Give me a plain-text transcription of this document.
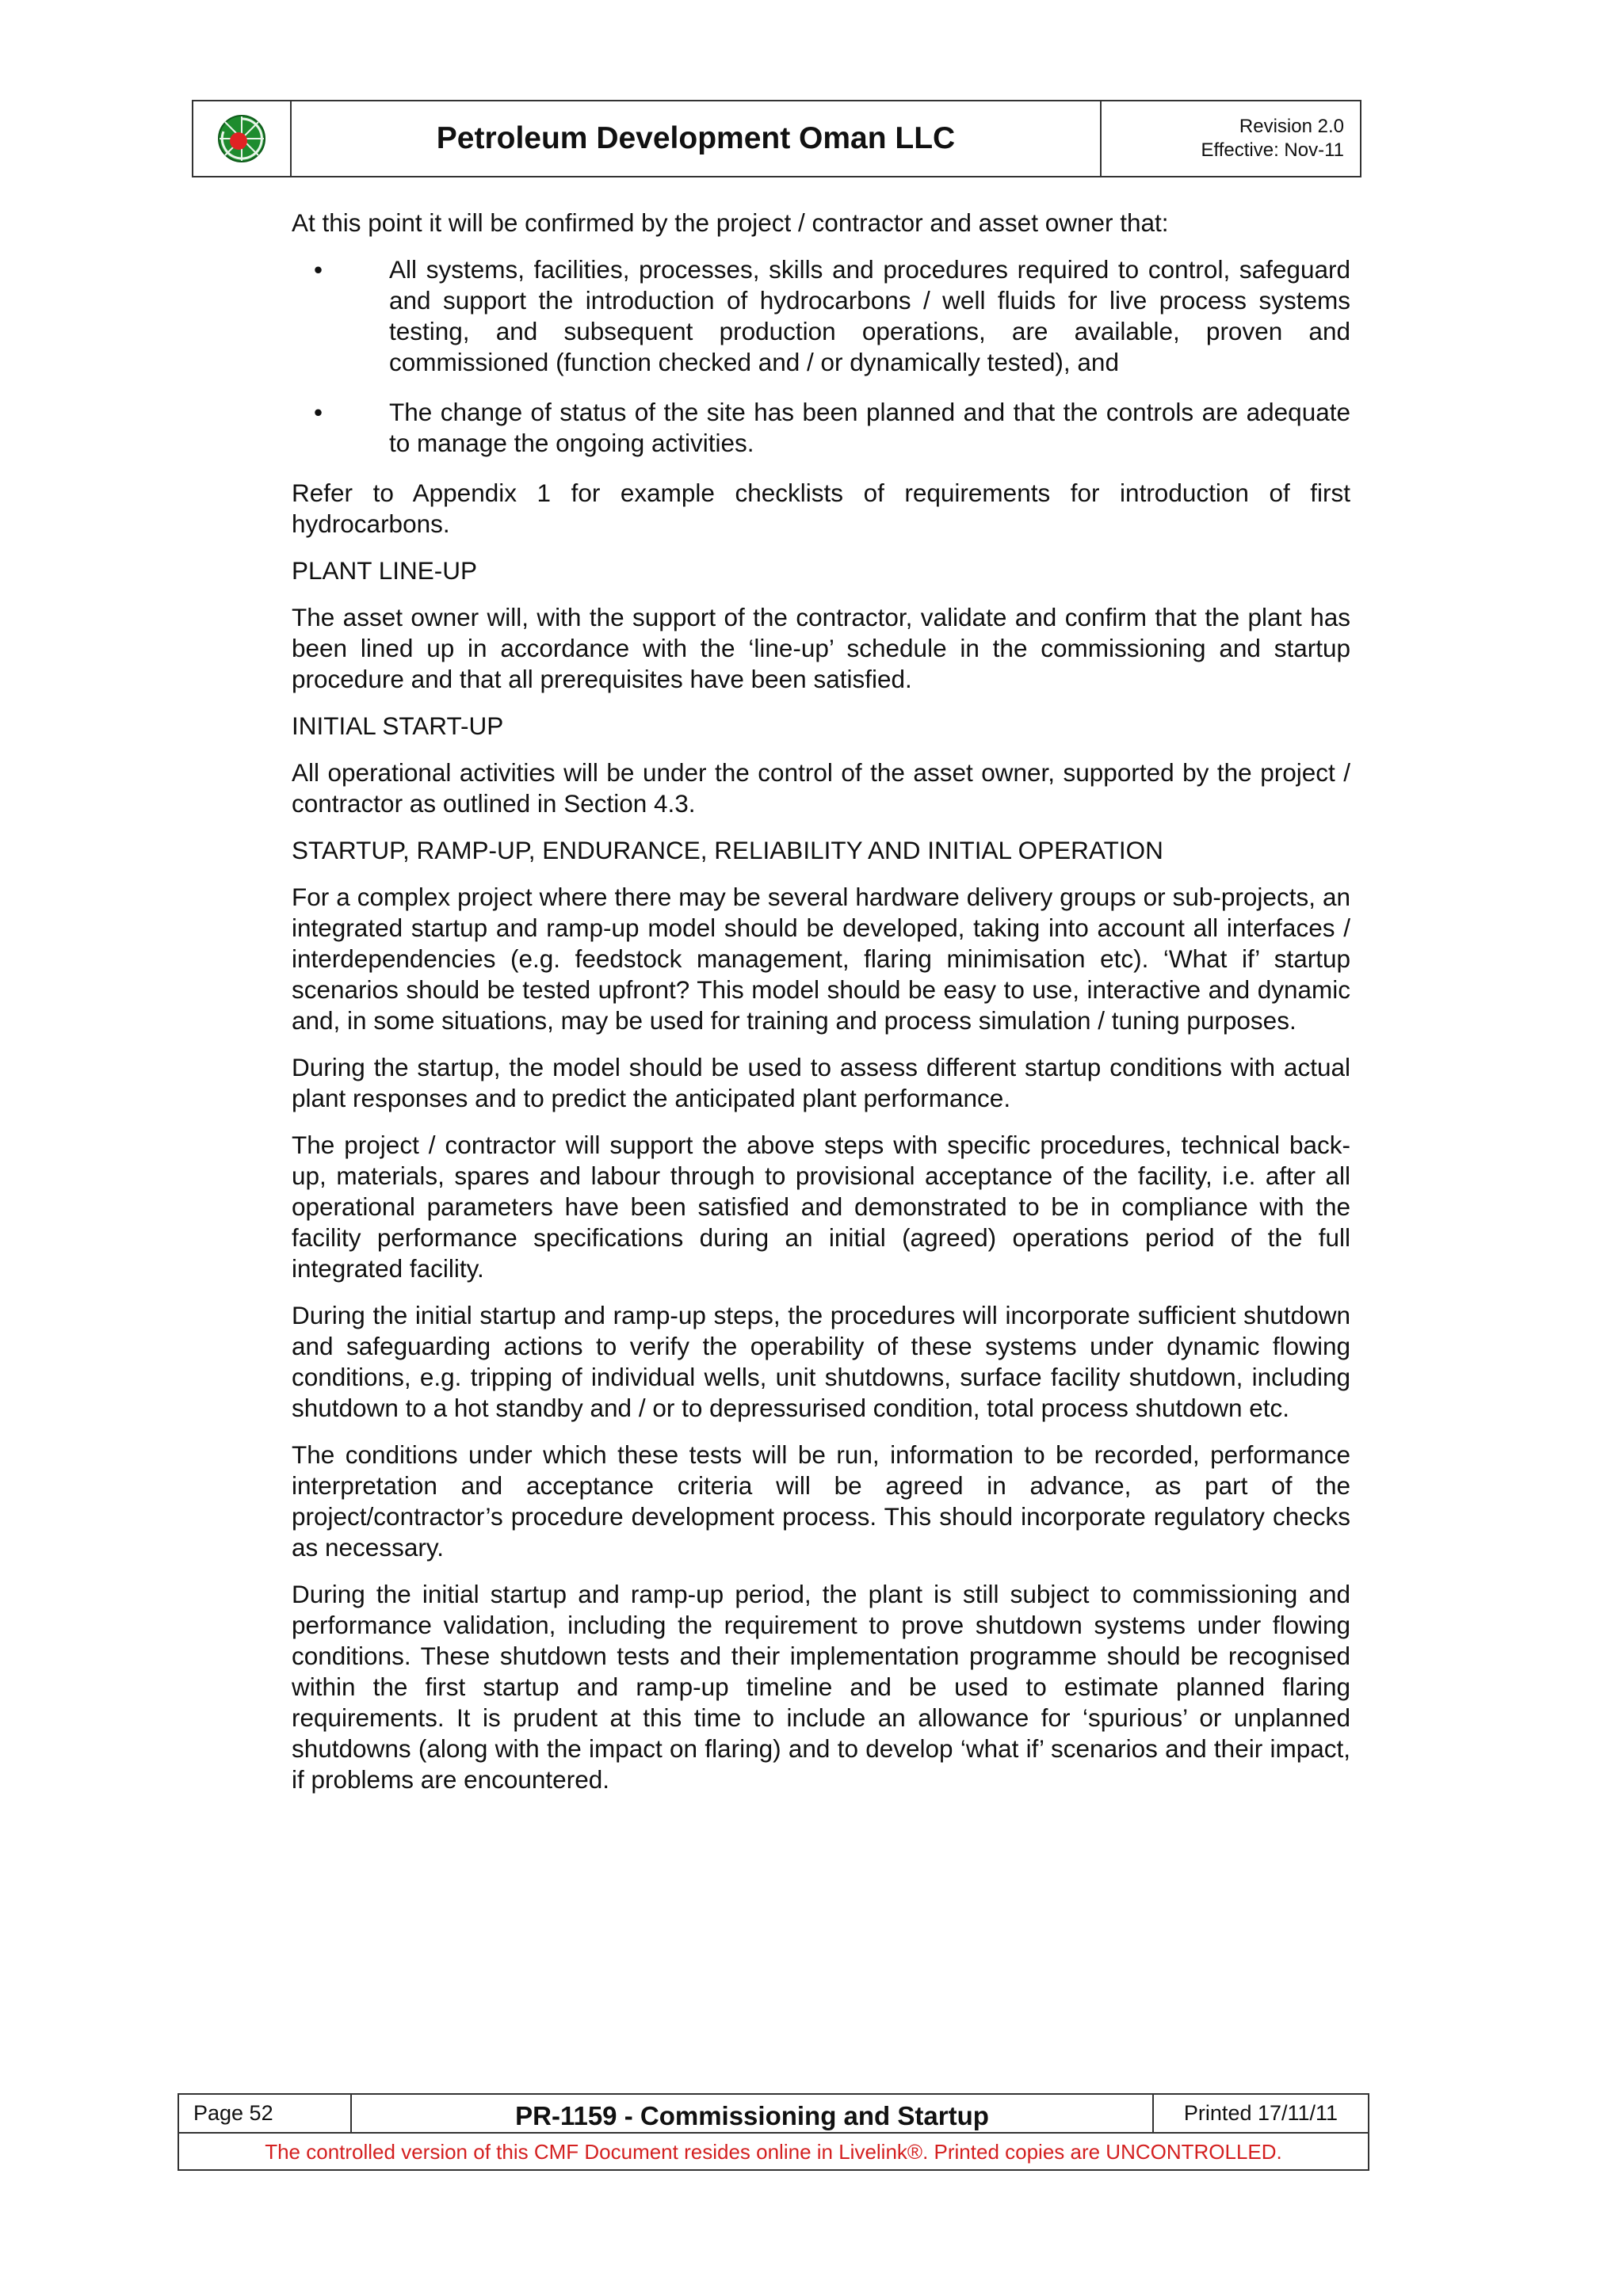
Petroleum Development Oman LLC	Revision 2.0
Effective: Nov-11

At this point it will be confirmed by the project / contractor and asset owner that:

•	All systems, facilities, processes, skills and procedures required to control, safeguard and support the introduction of hydrocarbons / well fluids for live process systems testing, and subsequent production operations, are available, proven and commissioned (function checked and / or dynamically tested), and
•	The change of status of the site has been planned and that the controls are adequate to manage the ongoing activities.

Refer to Appendix 1 for example checklists of requirements for introduction of first hydrocarbons.

PLANT LINE-UP

The asset owner will, with the support of the contractor, validate and confirm that the plant has been lined up in accordance with the ‘line-up’ schedule in the commissioning and startup procedure and that all prerequisites have been satisfied.

INITIAL START-UP

All operational activities will be under the control of the asset owner, supported by the project / contractor as outlined in Section 4.3.

STARTUP, RAMP-UP, ENDURANCE, RELIABILITY AND INITIAL OPERATION

For a complex project where there may be several hardware delivery groups or sub-projects, an integrated startup and ramp-up model should be developed, taking into account all interfaces / interdependencies (e.g. feedstock management, flaring minimisation etc). ‘What if’ startup scenarios should be tested upfront? This model should be easy to use, interactive and dynamic and, in some situations, may be used for training and process simulation / tuning purposes.

During the startup, the model should be used to assess different startup conditions with actual plant responses and to predict the anticipated plant performance.

The project / contractor will support the above steps with specific procedures, technical back-up, materials, spares and labour through to provisional acceptance of the facility, i.e. after all operational parameters have been satisfied and demonstrated to be in compliance with the facility performance specifications during an initial (agreed) operations period of the full integrated facility.

During the initial startup and ramp-up steps, the procedures will incorporate sufficient shutdown and safeguarding actions to verify the operability of these systems under dynamic flowing conditions, e.g. tripping of individual wells, unit shutdowns, surface facility shutdown, including shutdown to a hot standby and / or to depressurised condition, total process shutdown etc.

The conditions under which these tests will be run, information to be recorded, performance interpretation and acceptance criteria will be agreed in advance, as part of the project/contractor’s procedure development process. This should incorporate regulatory checks as necessary.

During the initial startup and ramp-up period, the plant is still subject to commissioning and performance validation, including the requirement to prove shutdown systems under flowing conditions. These shutdown tests and their implementation programme should be recognised within the first startup and ramp-up timeline and be used to estimate planned flaring requirements. It is prudent at this time to include an allowance for ‘spurious’ or unplanned shutdowns (along with the impact on flaring) and to develop ‘what if’ scenarios and their impact, if problems are encountered.

Page 52	PR-1159 - Commissioning and Startup	Printed 17/11/11
The controlled version of this CMF Document resides online in Livelink®. Printed copies are UNCONTROLLED.
